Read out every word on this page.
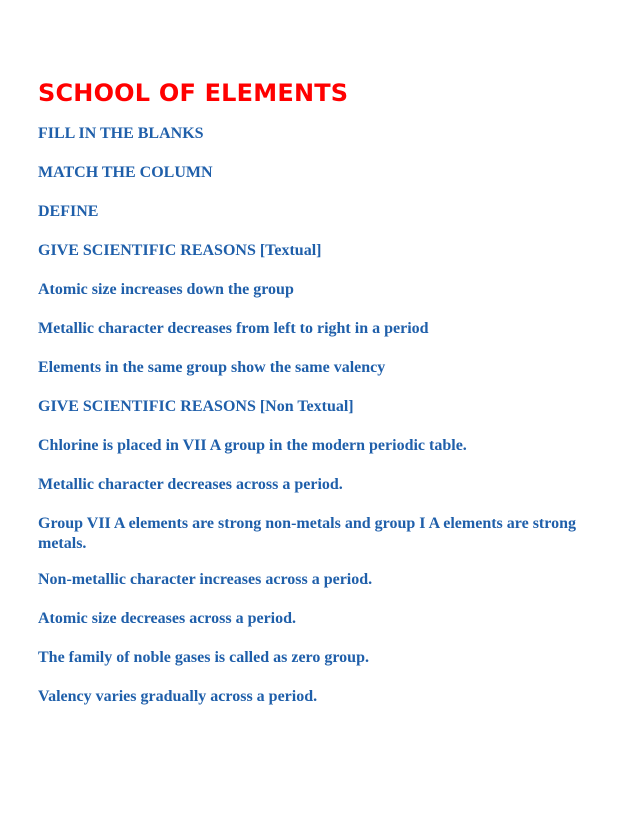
SCHOOL OF ELEMENTS
FILL IN THE BLANKS
MATCH THE COLUMN
DEFINE
GIVE SCIENTIFIC REASONS [Textual]
Atomic size increases down the group
Metallic character decreases from left to right in a period
Elements in the same group show the same valency
GIVE SCIENTIFIC REASONS [Non Textual]
Chlorine is placed in VII A group in the modern periodic table.
Metallic character decreases across a period.
Group VII A elements are strong non-metals and group I A elements are strong metals.
Non-metallic character increases across a period.
Atomic size decreases across a period.
The family of noble gases is called as zero group.
Valency varies gradually across a period.
